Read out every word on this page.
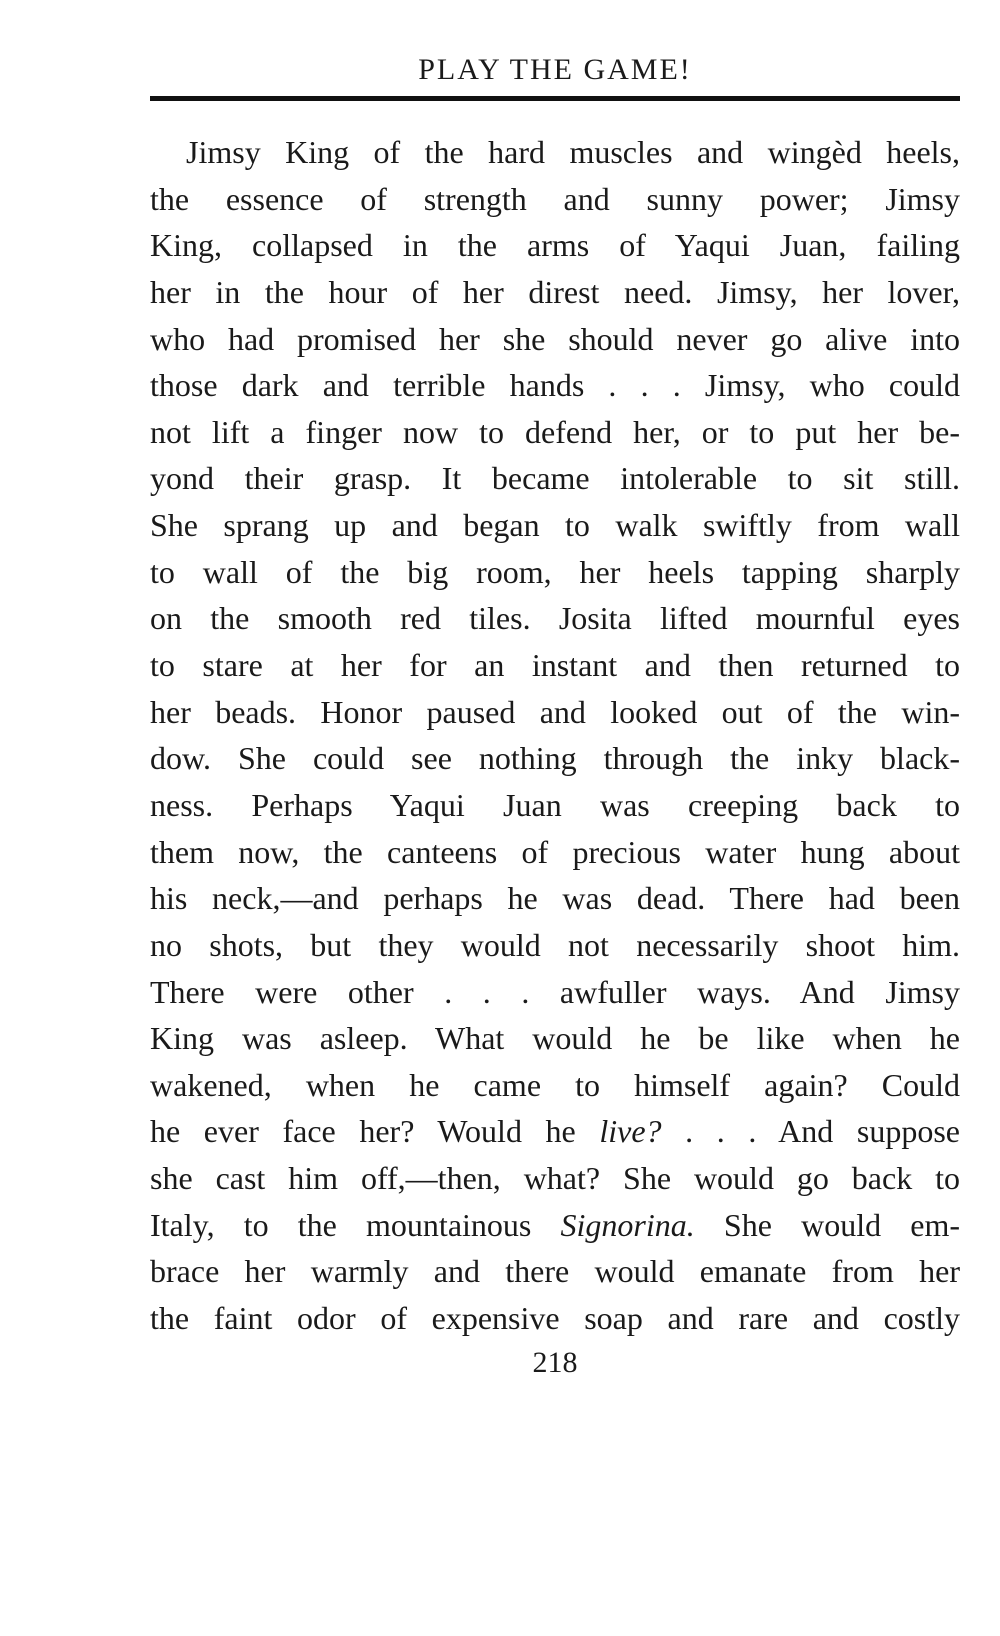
PLAY THE GAME!
Jimsy King of the hard muscles and wingèd heels,
the essence of strength and sunny power; Jimsy
King, collapsed in the arms of Yaqui Juan, failing
her in the hour of her direst need. Jimsy, her lover,
who had promised her she should never go alive into
those dark and terrible hands . . . Jimsy, who could
not lift a finger now to defend her, or to put her be-
yond their grasp. It became intolerable to sit still.
She sprang up and began to walk swiftly from wall
to wall of the big room, her heels tapping sharply
on the smooth red tiles. Josita lifted mournful eyes
to stare at her for an instant and then returned to
her beads. Honor paused and looked out of the win-
dow. She could see nothing through the inky black-
ness. Perhaps Yaqui Juan was creeping back to
them now, the canteens of precious water hung about
his neck,—and perhaps he was dead. There had been
no shots, but they would not necessarily shoot him.
There were other . . . awfuller ways. And Jimsy
King was asleep. What would he be like when he
wakened, when he came to himself again? Could
he ever face her? Would he live? . . . And suppose
she cast him off,—then, what? She would go back to
Italy, to the mountainous Signorina. She would em-
brace her warmly and there would emanate from her
the faint odor of expensive soap and rare and costly
218
